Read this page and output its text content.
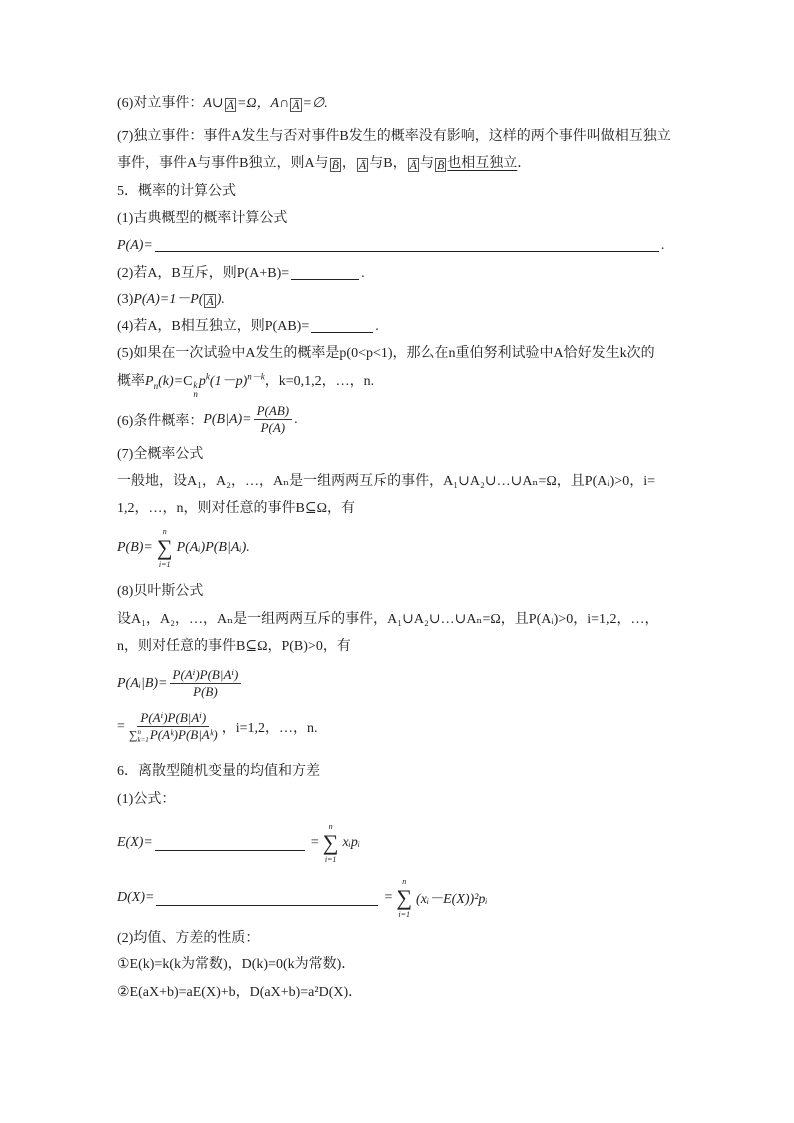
(6)对立事件：A∪ Ā =Ω，A∩ Ā =∅.
(7)独立事件：事件A发生与否对事件B发生的概率没有影响，这样的两个事件叫做相互独立
事件，事件A与事件B独立，则A与 B̄ ， Ā 与B， Ā 与 B̄ 也相互独立．
5．概率的计算公式
(1)古典概型的概率计算公式
P(A)=	.
(2)若A，B互斥，则P(A+B)=	.
(3)P(A)=1－P( Ā ).
(4)若A，B相互独立，则P(AB)=	.
(5)如果在一次试验中A发生的概率是p(0<p<1)，那么在n重伯努利试验中A恰好发生k次的
概率$P_n(k)=C$ k
n
$p^k(1-p)^{n-k}$，k=0,1,2，…，n.
(6)条件概率： $P(B|A)= \frac{P(AB)}{P(A)}$ .
(7)全概率公式
一般地，设A₁，A₂，…，Aₙ是一组两两互斥的事件，A₁∪A₂∪…∪Aₙ=Ω，且P(Aᵢ)>0，i=
1,2，…，n，则对任意的事件B⊆Ω，有
P(B)=
n
∑
i=1
P(Aᵢ)P(B|Aᵢ).
(8)贝叶斯公式
设A₁，A₂，…，Aₙ是一组两两互斥的事件，A₁∪A₂∪…∪Aₙ=Ω，且P(Aᵢ)>0，i=1,2，…，
n，则对任意的事件B⊆Ω，P(B)>0，有
P(Aᵢ|B)= $\frac{\text{P(Aⁱ)P(B|Aⁱ)}}{P(B)}$
= P(Aⁱ)P(B|Aⁱ)
∑ n
k=1 P(Aᵏ)P(B|Aᵏ) ，i=1,2，…，n.
6．离散型随机变量的均值和方差
(1)公式：
E(X)=	=
n
∑
i=1
xᵢpᵢ
D(X)=	=
n
∑
i=1
(xᵢ－E(X))²pᵢ
(2)均值、方差的性质：
①E(k)=k(k为常数)，D(k)=0(k为常数)．
②E(aX+b)=aE(X)+b，D(aX+b)=a²D(X)．
